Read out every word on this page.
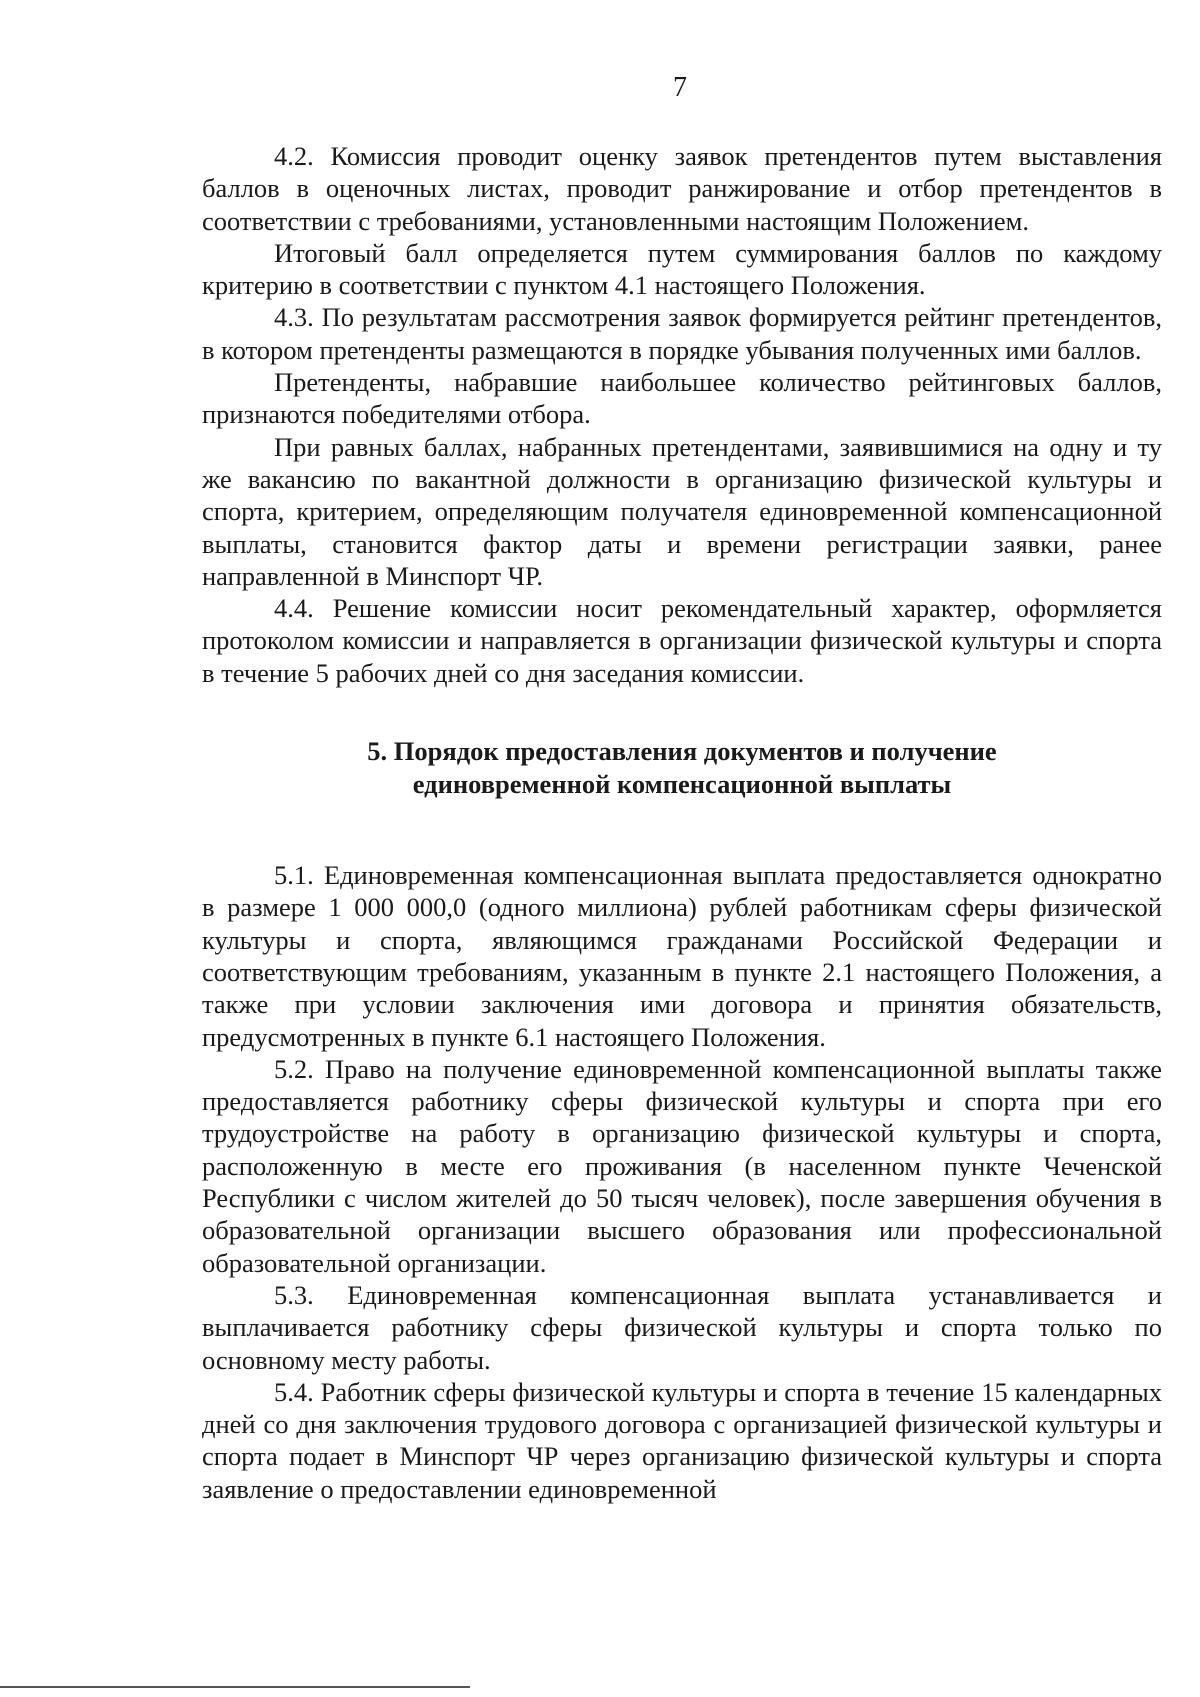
7

4.2. Комиссия проводит оценку заявок претендентов путем выставления баллов в оценочных листах, проводит ранжирование и отбор претендентов в соответствии с требованиями, установленными настоящим Положением.

Итоговый балл определяется путем суммирования баллов по каждому критерию в соответствии с пунктом 4.1 настоящего Положения.

4.3. По результатам рассмотрения заявок формируется рейтинг претендентов, в котором претенденты размещаются в порядке убывания полученных ими баллов.

Претенденты, набравшие наибольшее количество рейтинговых баллов, признаются победителями отбора.

При равных баллах, набранных претендентами, заявившимися на одну и ту же вакансию по вакантной должности в организацию физической культуры и спорта, критерием, определяющим получателя единовременной компенсационной выплаты, становится фактор даты и времени регистрации заявки, ранее направленной в Минспорт ЧР.

4.4. Решение комиссии носит рекомендательный характер, оформляется протоколом комиссии и направляется в организации физической культуры и спорта в течение 5 рабочих дней со дня заседания комиссии.

5. Порядок предоставления документов и получение
единовременной компенсационной выплаты

5.1. Единовременная компенсационная выплата предоставляется однократно в размере 1 000 000,0 (одного миллиона) рублей работникам сферы физической культуры и спорта, являющимся гражданами Российской Федерации и соответствующим требованиям, указанным в пункте 2.1 настоящего Положения, а также при условии заключения ими договора и принятия обязательств, предусмотренных в пункте 6.1 настоящего Положения.

5.2. Право на получение единовременной компенсационной выплаты также предоставляется работнику сферы физической культуры и спорта при его трудоустройстве на работу в организацию физической культуры и спорта, расположенную в месте его проживания (в населенном пункте Чеченской Республики с числом жителей до 50 тысяч человек), после завершения обучения в образовательной организации высшего образования или профессиональной образовательной организации.

5.3. Единовременная компенсационная выплата устанавливается и выплачивается работнику сферы физической культуры и спорта только по основному месту работы.

5.4. Работник сферы физической культуры и спорта в течение 15 календарных дней со дня заключения трудового договора с организацией физической культуры и спорта подает в Минспорт ЧР через организацию физической культуры и спорта заявление о предоставлении единовременной
